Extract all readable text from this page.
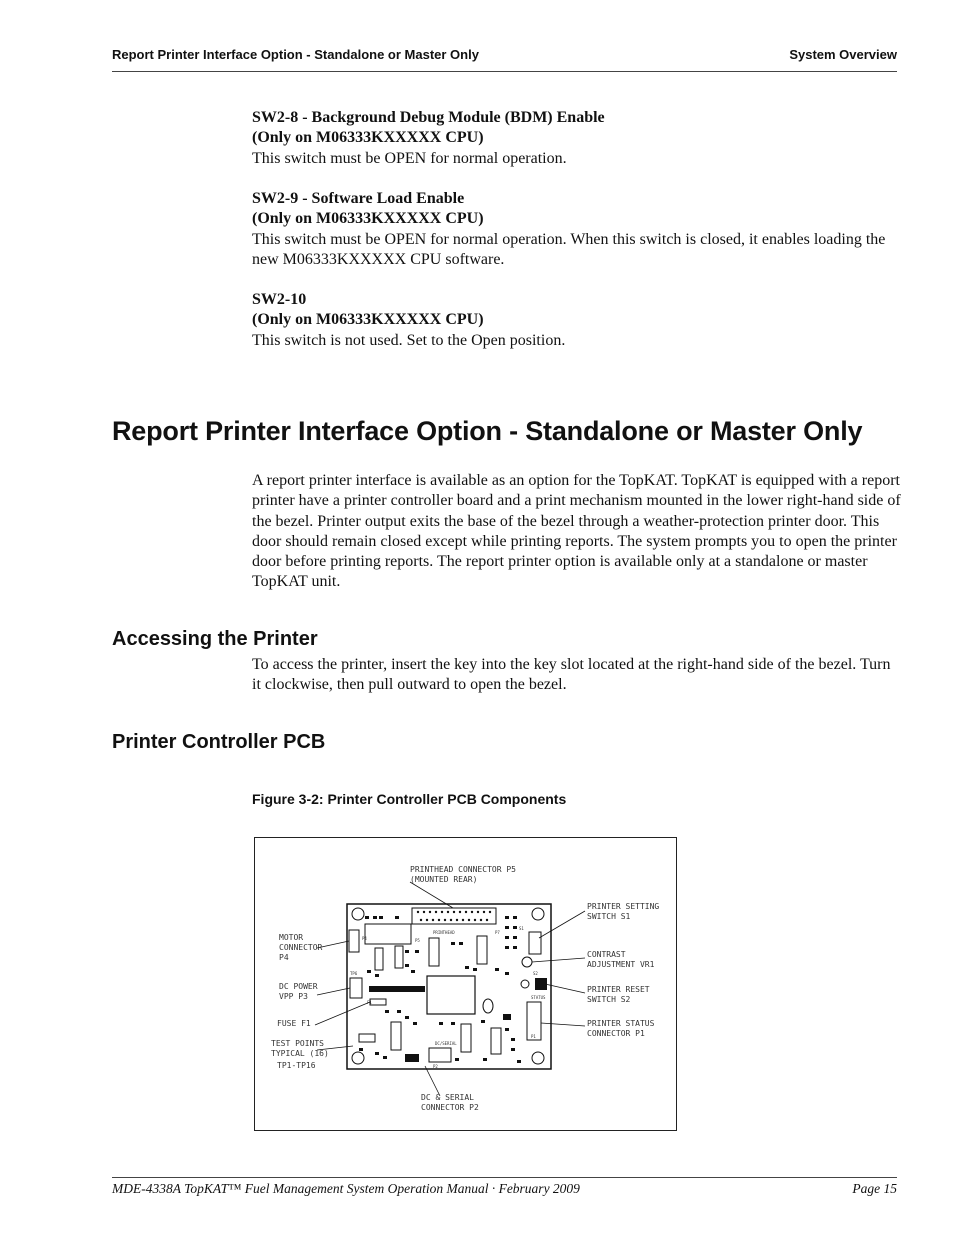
Report Printer Interface Option - Standalone or Master Only	System Overview
SW2-8 - Background Debug Module (BDM) Enable
(Only on M06333KXXXXX CPU)
This switch must be OPEN for normal operation.
SW2-9 - Software Load Enable
(Only on M06333KXXXXX CPU)
This switch must be OPEN for normal operation. When this switch is closed, it enables loading the new M06333KXXXXX CPU software.
SW2-10
(Only on M06333KXXXXX CPU)
This switch is not used. Set to the Open position.
Report Printer Interface Option - Standalone or Master Only
A report printer interface is available as an option for the TopKAT. TopKAT is equipped with a report printer have a printer controller board and a print mechanism mounted in the lower right-hand side of the bezel. Printer output exits the base of the bezel through a weather-protection printer door. This door should remain closed except while printing reports. The system prompts you to open the printer door before printing reports. The report printer option is available only at a standalone or master TopKAT unit.
Accessing the Printer
To access the printer, insert the key into the key slot located at the right-hand side of the bezel. Turn it clockwise, then pull outward to open the bezel.
Printer Controller PCB
Figure 3-2: Printer Controller PCB Components
PRINTHEAD
P5
P4
TP6
F1
P7
S1
S2
STATUS
DC/SERIAL
P2
P1
PRINTHEAD CONNECTOR P5
(MOUNTED REAR)
MOTOR
CONNECTOR
P4
DC POWER
VPP P3
FUSE F1
TEST POINTS
TYPICAL (16)
TP1-TP16
PRINTER SETTING
SWITCH S1
CONTRAST
ADJUSTMENT VR1
PRINTER RESET
SWITCH S2
PRINTER STATUS
CONNECTOR P1
DC & SERIAL
CONNECTOR P2
MDE-4338A TopKAT™ Fuel Management System Operation Manual · February 2009	Page 15
